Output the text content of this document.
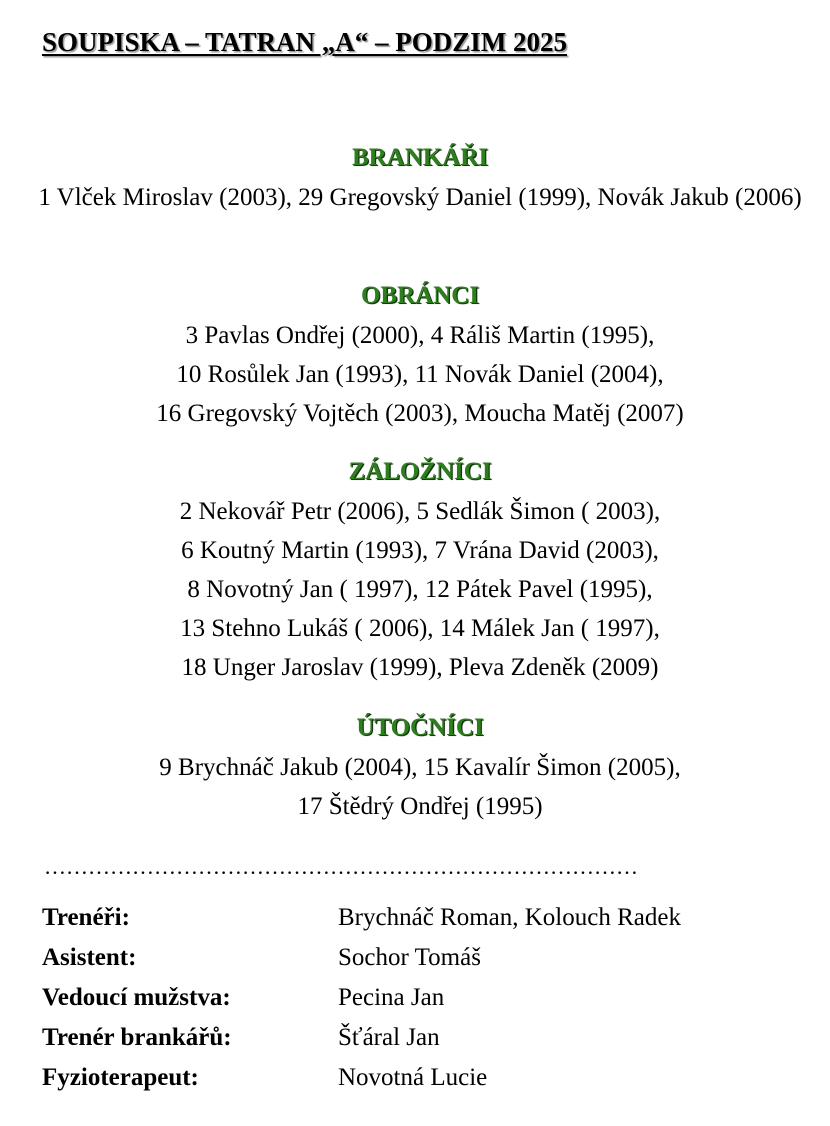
SOUPISKA – TATRAN „A“ – PODZIM 2025
BRANKÁŘI
1 Vlček Miroslav (2003), 29 Gregovský Daniel (1999), Novák Jakub (2006)
OBRÁNCI
3 Pavlas Ondřej (2000), 4 Ráliš Martin (1995),
10 Rosůlek Jan (1993), 11 Novák Daniel (2004),
16 Gregovský Vojtěch (2003), Moucha Matěj (2007)
ZÁLOŽNÍCI
2 Nekovář Petr (2006), 5 Sedlák Šimon ( 2003),
6 Koutný Martin (1993), 7 Vrána David (2003),
8 Novotný Jan ( 1997), 12 Pátek Pavel (1995),
13 Stehno Lukáš ( 2006), 14 Málek Jan ( 1997),
18 Unger Jaroslav (1999), Pleva Zdeněk (2009)
ÚTOČNÍCI
9 Brychnáč Jakub (2004), 15 Kavalír Šimon (2005),
17 Štědrý Ondřej (1995)
………………………………………………………………………
Trenéři:	Brychnáč Roman, Kolouch Radek
Asistent:	Sochor Tomáš
Vedoucí mužstva:	Pecina Jan
Trenér brankářů:	Šťáral Jan
Fyzioterapeut:	Novotná Lucie
